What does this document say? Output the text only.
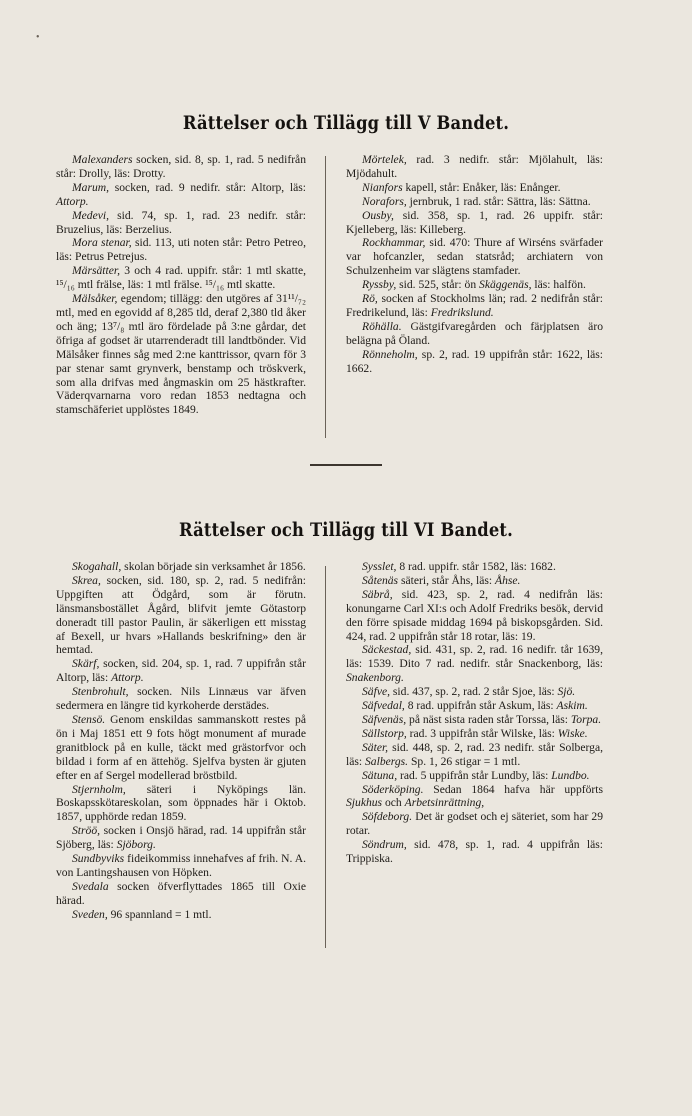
•
Rättelser och Tillägg till V Bandet.

Malexanders socken, sid. 8, sp. 1, rad. 5 nedifrån står: Drolly, läs: Drotty.

Marum, socken, rad. 9 nedifr. står: Altorp, läs: Attorp.

Medevi, sid. 74, sp. 1, rad. 23 nedifr. står: Bruzelius, läs: Berzelius.

Mora stenar, sid. 113, uti noten står: Petro Petreo, läs: Petrus Petrejus.

Märsätter, 3 och 4 rad. uppifr. står: 1 mtl skatte, ¹⁵/₁₆ mtl frälse, läs: 1 mtl frälse. ¹⁵/₁₆ mtl skatte.

Mälsåker, egendom; tillägg: den utgöres af 31¹¹/₇₂ mtl, med en egovidd af 8,285 tld, deraf 2,380 tld åker och äng; 13⁷/₈ mtl äro fördelade på 3:ne gårdar, det öfriga af godset är utarrenderadt till landtbönder. Vid Mälsåker finnes såg med 2:ne kanttrissor, qvarn för 3 par stenar samt grynverk, benstamp och tröskverk, som alla drifvas med ångmaskin om 25 hästkrafter. Väderqvarnarna voro redan 1853 nedtagna och stamschäferiet upplöstes 1849.

Mörtelek, rad. 3 nedifr. står: Mjölahult, läs: Mjödahult.

Nianfors kapell, står: Enåker, läs: Enånger.

Norafors, jernbruk, 1 rad. står: Sättra, läs: Sättna.

Ousby, sid. 358, sp. 1, rad. 26 uppifr. står: Kjelleberg, läs: Killeberg.

Rockhammar, sid. 470: Thure af Wirséns svärfader var hofcanzler, sedan statsråd; archiatern von Schulzenheim var slägtens stamfader.

Ryssby, sid. 525, står: ön Skäggenäs, läs: halfön.

Rö, socken af Stockholms län; rad. 2 nedifrån står: Fredrikelund, läs: Fredrikslund.

Röhälla. Gästgifvaregården och färjplatsen äro belägna på Öland.

Rönneholm, sp. 2, rad. 19 uppifrån står: 1622, läs: 1662.

Rättelser och Tillägg till VI Bandet.

Skogahall, skolan började sin verksamhet år 1856.

Skrea, socken, sid. 180, sp. 2, rad. 5 nedifrån: Uppgiften att Ödgård, som är förutn. länsmansbostället Ågård, blifvit jemte Götastorp doneradt till pastor Paulin, är säkerligen ett misstag af Bexell, ur hvars »Hallands beskrifning» den är hemtad.

Skärf, socken, sid. 204, sp. 1, rad. 7 uppifrån står Altorp, läs: Attorp.

Stenbrohult, socken. Nils Linnæus var äfven sedermera en längre tid kyrkoherde derstädes.

Stensö. Genom enskildas sammanskott restes på ön i Maj 1851 ett 9 fots högt monument af murade granitblock på en kulle, täckt med grästorfvor och bildad i form af en ättehög. Sjelfva bysten är gjuten efter en af Sergel modellerad bröstbild.

Stjernholm, säteri i Nyköpings län. Boskapsskötareskolan, som öppnades här i Oktob. 1857, upphörde redan 1859.

Ströö, socken i Onsjö härad, rad. 14 uppifrån står Sjöberg, läs: Sjöborg.

Sundbyviks fideikommiss innehafves af frih. N. A. von Lantingshausen von Höpken.

Svedala socken öfverflyttades 1865 till Oxie härad.

Sveden, 96 spannland = 1 mtl.

Sysslet, 8 rad. uppifr. står 1582, läs: 1682.

Såtenäs säteri, står Åhs, läs: Åhse.

Säbrå, sid. 423, sp. 2, rad. 4 nedifrån läs: konungarne Carl XI:s och Adolf Fredriks besök, dervid den förre spisade middag 1694 på biskopsgården. Sid. 424, rad. 2 uppifrån står 18 rotar, läs: 19.

Säckestad, sid. 431, sp. 2, rad. 16 nedifr. tår 1639, läs: 1539. Dito 7 rad. nedifr. står Snackenborg, läs: Snakenborg.

Säfve, sid. 437, sp. 2, rad. 2 står Sjoe, läs: Sjö.

Säfvedal, 8 rad. uppifrån står Askum, läs: Askim.

Säfvenäs, på näst sista raden står Torssa, läs: Torpa.

Sällstorp, rad. 3 uppifrån står Wilske, läs: Wiske.

Säter, sid. 448, sp. 2, rad. 23 nedifr. står Solberga, läs: Salbergs. Sp. 1, 26 stigar = 1 mtl.

Sätuna, rad. 5 uppifrån står Lundby, läs: Lundbo.

Söderköping. Sedan 1864 hafva här uppförts Sjukhus och Arbetsinrättning,

Söfdeborg. Det är godset och ej säteriet, som har 29 rotar.

Söndrum, sid. 478, sp. 1, rad. 4 uppifrån läs: Trippiska.
